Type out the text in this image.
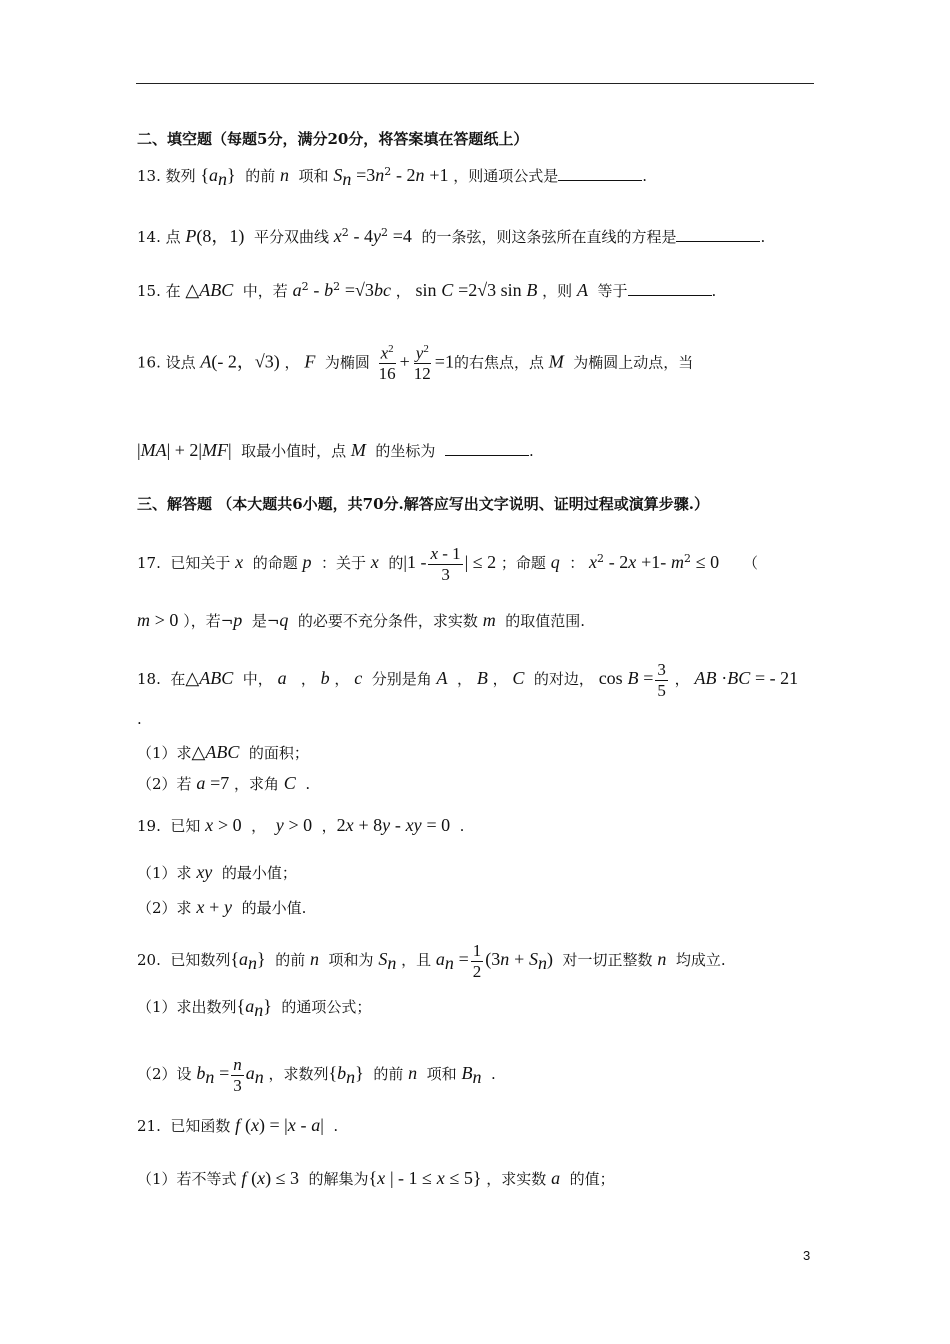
二、填空题（每题5分，满分20分，将答案填在答题纸上）
13. 数列 $\{a_n\}$  的前 n  项和 $S_n =3n^2 - 2n +1$ ，则通项公式是	.
14. 点 P(8，1)  平分双曲线 $x^2 - 4y^2 =4$  的一条弦，则这条弦所在直线的方程是	.
15. 在 △ABC  中，若 $a^2 - b^2 =√3bc$ ， sin C =2√3 sin B ，则 A  等于	.
16. 设点 A(- 2，√3) ， F  为椭圆 $\frac{x^2}{16} + \frac{y^2}{12} =1$的右焦点，点 M  为椭圆上动点，当
|MA| + 2|MF|  取最小值时，点 M  的坐标为	.
三、解答题 （本大题共6小题，共70分.解答应写出文字说明、证明过程或演算步骤.）
17.  已知关于 x  的命题 p  ：关于 x  的$|1 - \frac{x - 1}{3}$ | ≤ 2 ；命题 q  ： $x^2 - 2x +1-$ $m^2 \le 0$     （
m > 0 ），若¬p  是¬q  的必要不充分条件，求实数 m  的取值范围.
18.  在△ABC  中， a   ， b ， c  分别是角 A  ， B ， C  的对边， $\cos B = \frac{3}{5}$ ， AB ·BC = - 21
.
（1）求△ABC  的面积；
（2）若 a =7 ，求角 C  .
19.  已知 x > 0  ，  y > 0  ，2x + 8y - xy = 0  .
（1）求 xy  的最小值；
（2）求 x + y  的最小值.
20.  已知数列$\{a_n\}$  的前 n  项和为 $S_n$ ，且 $a_n = \frac{1}{2} (3n + S_n)$  对一切正整数 n  均成立.
（1）求出数列$\{a_n\}$  的通项公式；
（2）设 $b_n = \frac{n}{3} a_n$ ，求数列$\{b_n\}$  的前 n  项和 $B_n$  .
21.  已知函数 f (x) = |x - a|  .
（1）若不等式 f (x) ≤ 3  的解集为{x | - 1 ≤ x ≤ 5} ，求实数 a  的值；
3
